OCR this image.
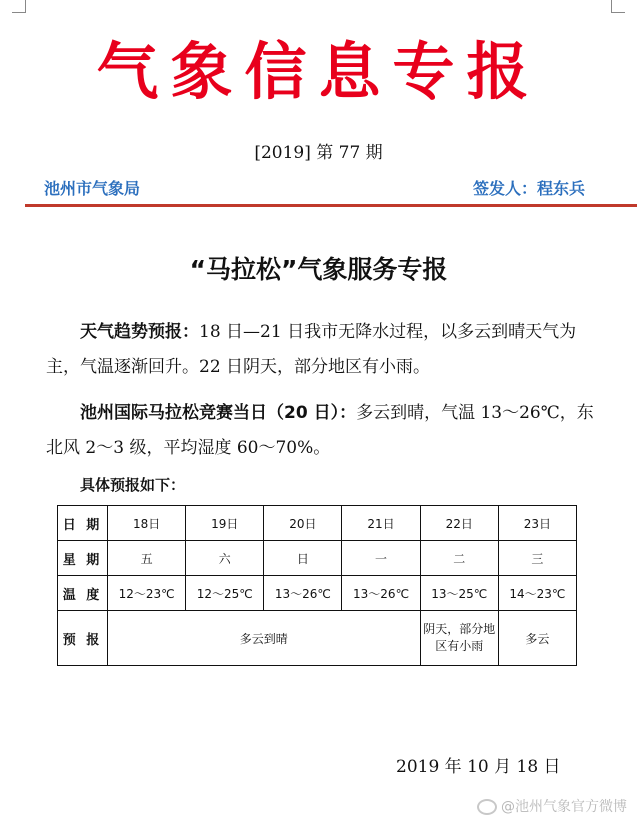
气象信息专报
[2019] 第 77 期
池州市气象局	签发人：程东兵
“马拉松”气象服务专报
天气趋势预报：18 日—21 日我市无降水过程，以多云到晴天气为主，气温逐渐回升。22 日阴天，部分地区有小雨。
池州国际马拉松竞赛当日（20 日）：多云到晴，气温 13～26℃，东北风 2～3 级，平均湿度 60～70%。
具体预报如下：
日 期	18日	19日	20日	21日	22日	23日
星 期	五	六	日	一	二	三
温 度	12～23℃	12～25℃	13～26℃	13～26℃	13～25℃	14～23℃
预 报	多云到晴				阴天，部分地区有小雨	多云
2019 年 10 月 18 日
@池州气象官方微博
